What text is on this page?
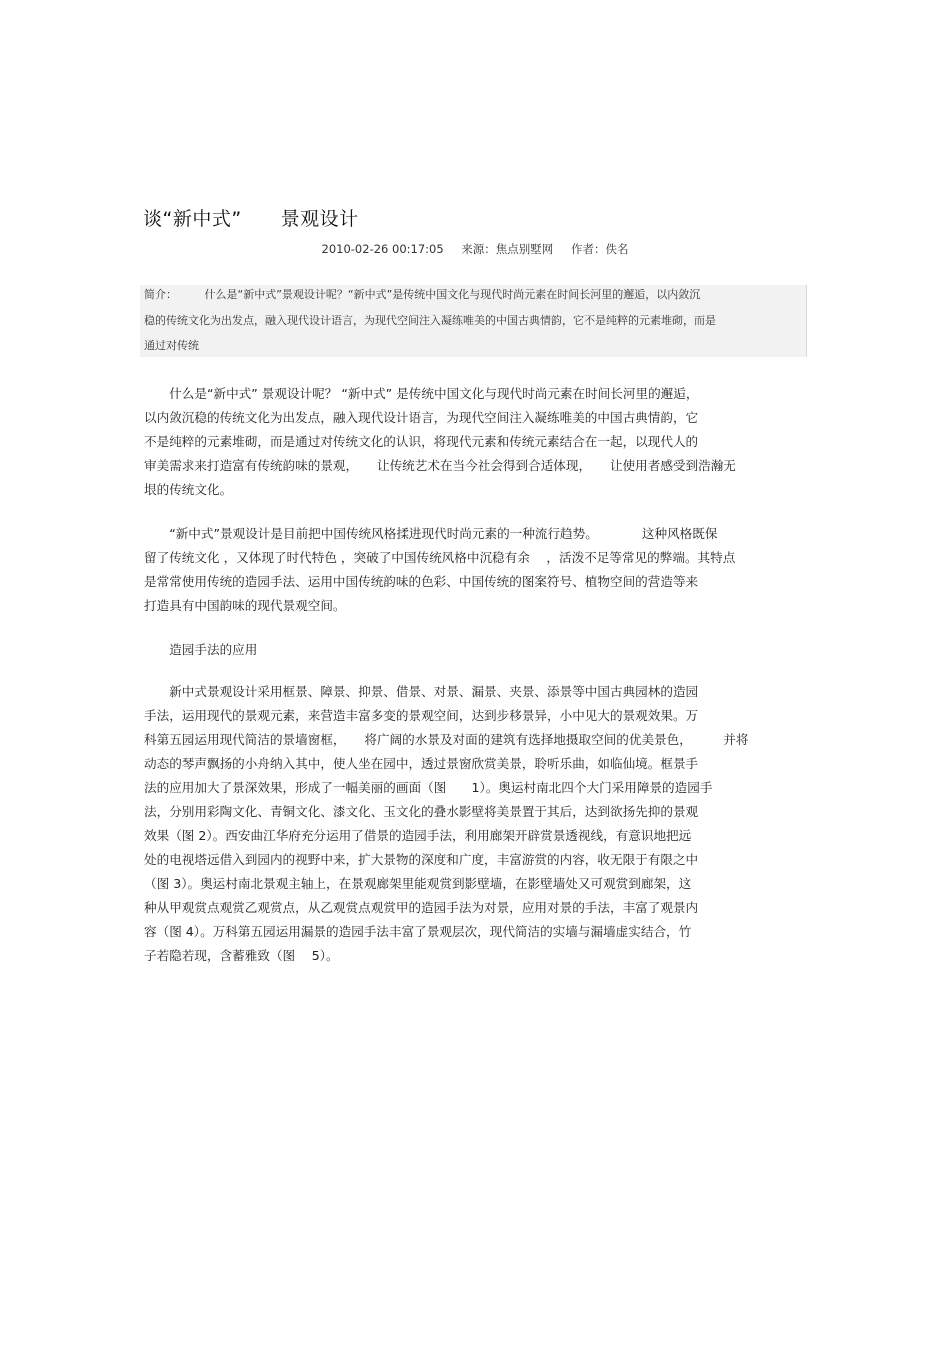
谈“新中式”　　景观设计
2010-02-26 00:17:05 来源：焦点别墅网 作者：佚名
简介：　　　什么是“新中式”景观设计呢？“新中式”是传统中国文化与现代时尚元素在时间长河里的邂逅，以内敛沉
稳的传统文化为出发点，融入现代设计语言，为现代空间注入凝练唯美的中国古典情韵，它不是纯粹的元素堆砌，而是
通过对传统
　　什么是“新中式” 景观设计呢？ “新中式” 是传统中国文化与现代时尚元素在时间长河里的邂逅，
以内敛沉稳的传统文化为出发点，融入现代设计语言，为现代空间注入凝练唯美的中国古典情韵，它
不是纯粹的元素堆砌，而是通过对传统文化的认识，将现代元素和传统元素结合在一起，以现代人的
审美需求来打造富有传统韵味的景观，　　让传统艺术在当今社会得到合适体现，　　让使用者感受到浩瀚无
垠的传统文化。
　　“新中式”景观设计是目前把中国传统风格揉进现代时尚元素的一种流行趋势。　　　　这种风格既保
留了传统文化 ，又体现了时代特色 ，突破了中国传统风格中沉稳有余　 ，活泼不足等常见的弊端。其特点
是常常使用传统的造园手法、运用中国传统韵味的色彩、中国传统的图案符号、植物空间的营造等来
打造具有中国韵味的现代景观空间。
　　造园手法的应用
　　新中式景观设计采用框景、障景、抑景、借景、对景、漏景、夹景、添景等中国古典园林的造园
手法，运用现代的景观元素，来营造丰富多变的景观空间，达到步移景异，小中见大的景观效果。万
科第五园运用现代简洁的景墙窗框，　　将广阔的水景及对面的建筑有选择地摄取空间的优美景色，　　　并将
动态的琴声飘扬的小舟纳入其中，使人坐在园中，透过景窗欣赏美景，聆听乐曲，如临仙境。框景手
法的应用加大了景深效果，形成了一幅美丽的画面（图　　1）。奥运村南北四个大门采用障景的造园手
法，分别用彩陶文化、青铜文化、漆文化、玉文化的叠水影壁将美景置于其后，达到欲扬先抑的景观
效果（图 2）。西安曲江华府充分运用了借景的造园手法，利用廊架开辟赏景透视线，有意识地把远
处的电视塔远借入到园内的视野中来，扩大景物的深度和广度，丰富游赏的内容，收无限于有限之中
（图 3）。奥运村南北景观主轴上，在景观廊架里能观赏到影壁墙，在影壁墙处又可观赏到廊架，这
种从甲观赏点观赏乙观赏点，从乙观赏点观赏甲的造园手法为对景，应用对景的手法，丰富了观景内
容（图 4）。万科第五园运用漏景的造园手法丰富了景观层次，现代简洁的实墙与漏墙虚实结合，竹
子若隐若现，含蓄雅致（图　 5）。
